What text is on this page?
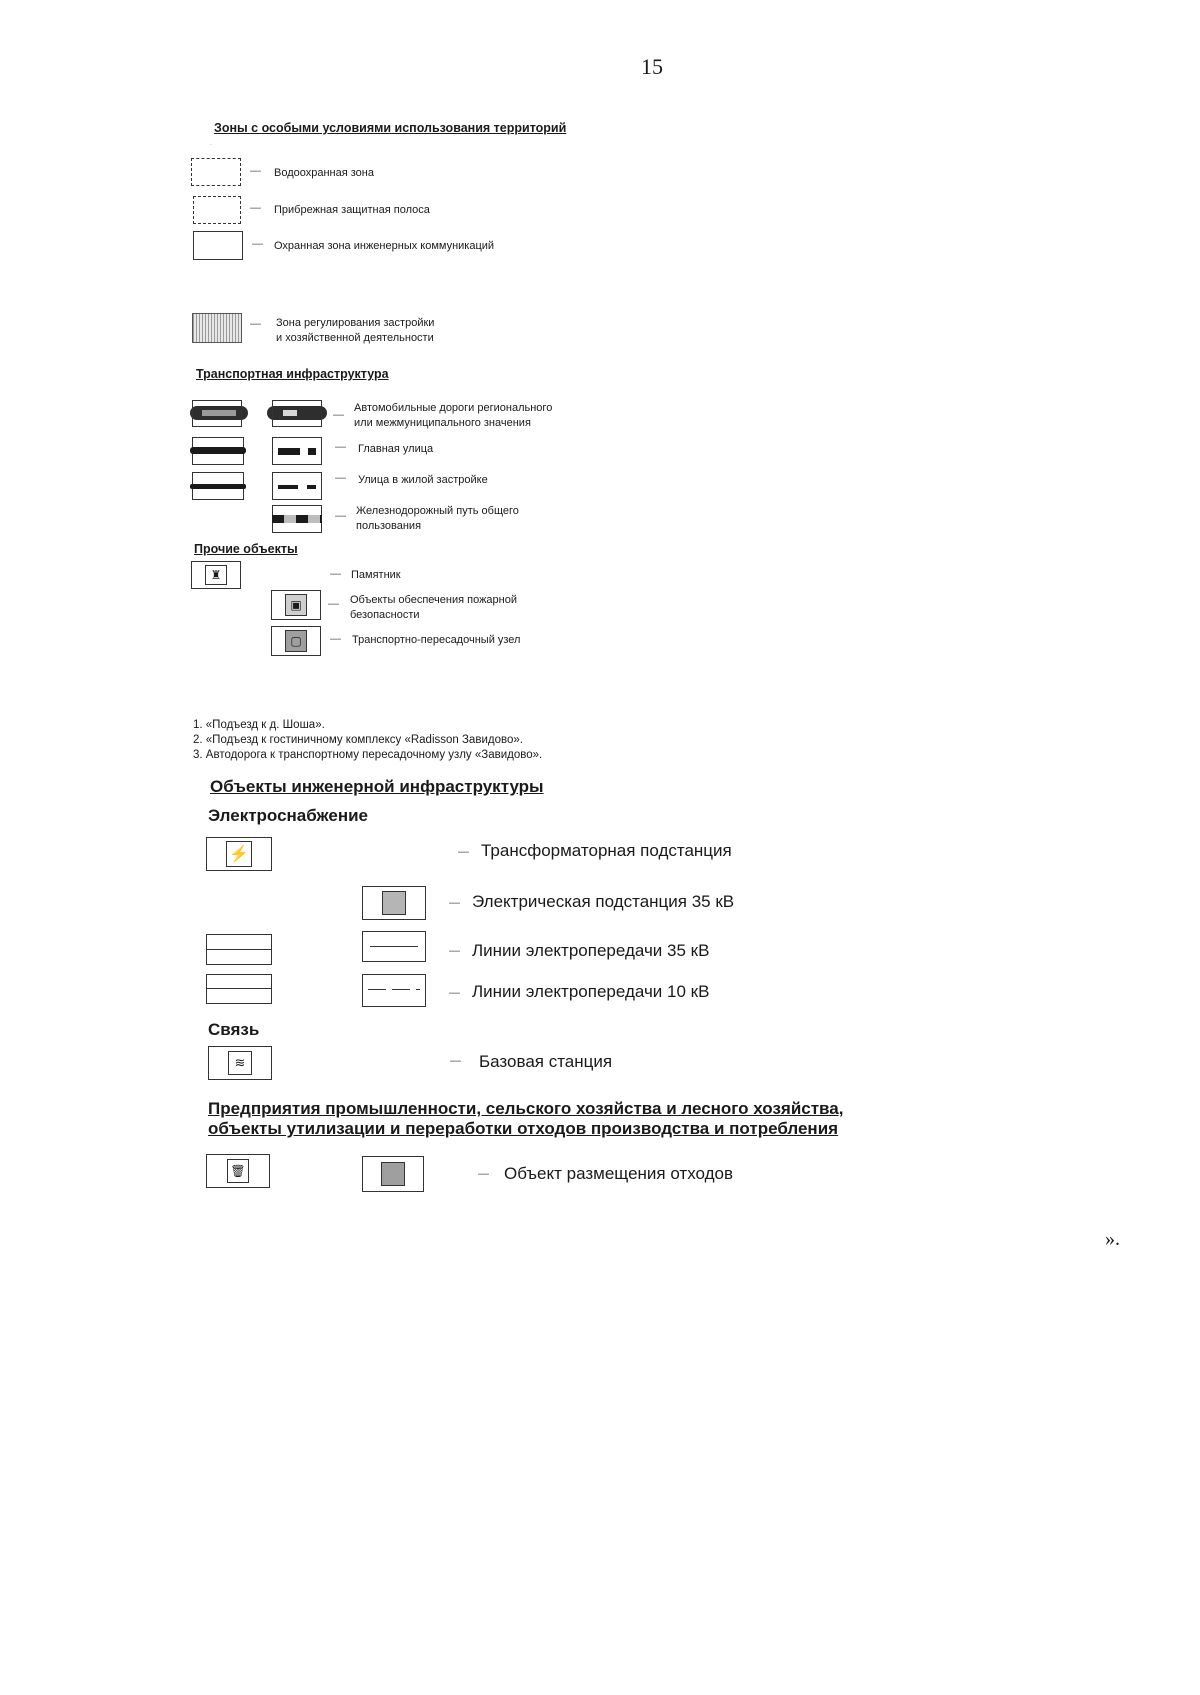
15
Зоны с особыми условиями использования территорий
·
— Водоохранная зона
— Прибрежная защитная полоса
— Охранная зона инженерных коммуникаций
— Зона регулирования застройки
и хозяйственной деятельности
Транспортная инфраструктура
—
Автомобильные дороги регионального
или межмуниципального значения
— Главная улица
— Улица в жилой застройке
— Железнодорожный путь общего
пользования
Прочие объекты
♜	— Памятник
▣	— Объекты обеспечения пожарной
безопасности
▢	— Транспортно-пересадочный узел
1. «Подъезд к д. Шоша».
2. «Подъезд к гостиничному комплексу «Radisson Завидово».
3. Автодорога к транспортному пересадочному узлу «Завидово».
Объекты инженерной инфраструктуры
Электроснабжение
⚡	— Трансформаторная подстанция
— Электрическая подстанция 35 кВ
— Линии электропередачи 35 кВ
— Линии электропередачи 10 кВ
Связь
≋	— Базовая станция
Предприятия промышленности, сельского хозяйства и лесного хозяйства,
объекты утилизации и переработки отходов производства и потребления
🗑	— Объект размещения отходов
».
